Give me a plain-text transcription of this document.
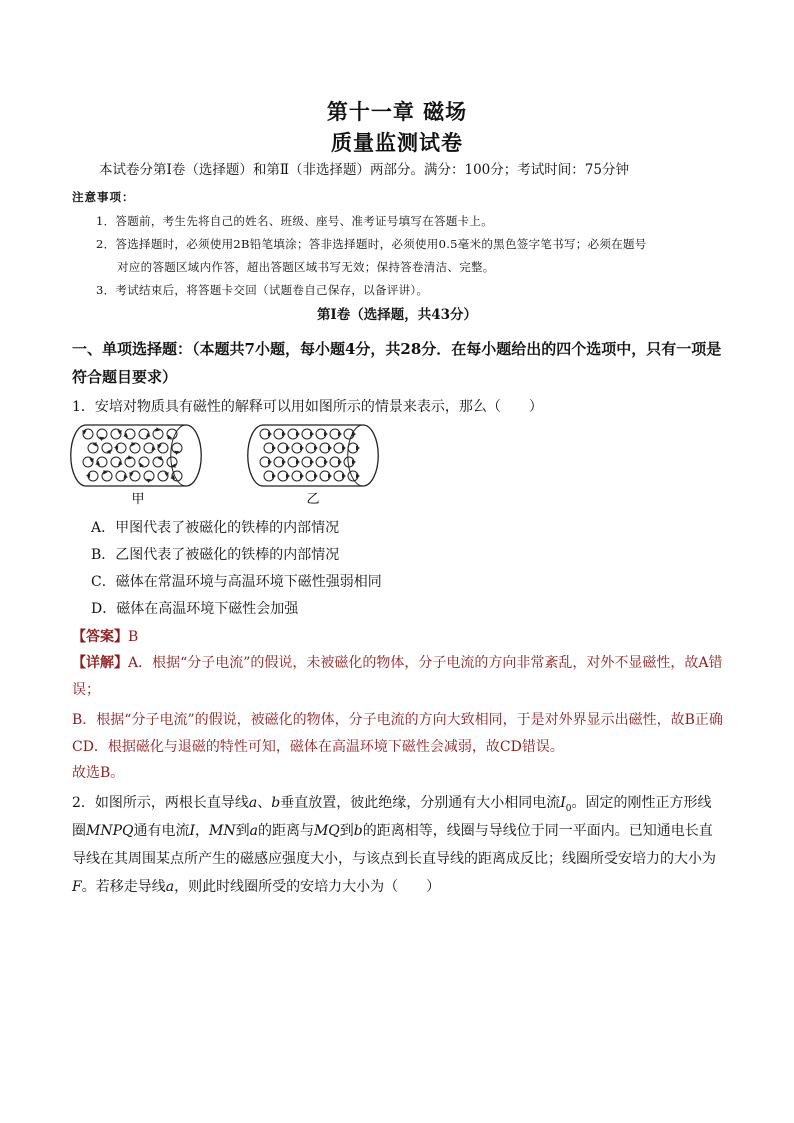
第十一章 磁场
质量监测试卷
本试卷分第Ⅰ卷（选择题）和第Ⅱ（非选择题）两部分。满分：100分；考试时间：75分钟
注意事项：
1．答题前，考生先将自己的姓名、班级、座号、准考证号填写在答题卡上。
2．答选择题时，必须使用2B铅笔填涂；答非选择题时，必须使用0.5毫米的黑色签字笔书写；必须在题号
对应的答题区域内作答，超出答题区域书写无效；保持答卷清洁、完整。
3．考试结束后，将答题卡交回（试题卷自己保存，以备评讲）。
第Ⅰ卷（选择题，共43分）
一、单项选择题：（本题共7小题，每小题4分，共28分．在每小题给出的四个选项中，只有一项是符合题目要求）
1．安培对物质具有磁性的解释可以用如图所示的情景来表示，那么（　　）
甲	乙
A．甲图代表了被磁化的铁棒的内部情况
B．乙图代表了被磁化的铁棒的内部情况
C．磁体在常温环境与高温环境下磁性强弱相同
D．磁体在高温环境下磁性会加强
【答案】B
【详解】A．根据“分子电流”的假说，未被磁化的物体，分子电流的方向非常紊乱，对外不显磁性，故A错
误；
B．根据“分子电流”的假说，被磁化的物体，分子电流的方向大致相同，于是对外界显示出磁性，故B正确
CD．根据磁化与退磁的特性可知，磁体在高温环境下磁性会减弱，故CD错误。
故选B。
2．如图所示，两根长直导线a、b垂直放置，彼此绝缘，分别通有大小相同电流$I_0$。固定的刚性正方形线
圈MNPQ通有电流I，MN到a的距离与MQ到b的距离相等，线圈与导线位于同一平面内。已知通电长直
导线在其周围某点所产生的磁感应强度大小，与该点到长直导线的距离成反比；线圈所受安培力的大小为
F。若移走导线a，则此时线圈所受的安培力大小为（　　）
